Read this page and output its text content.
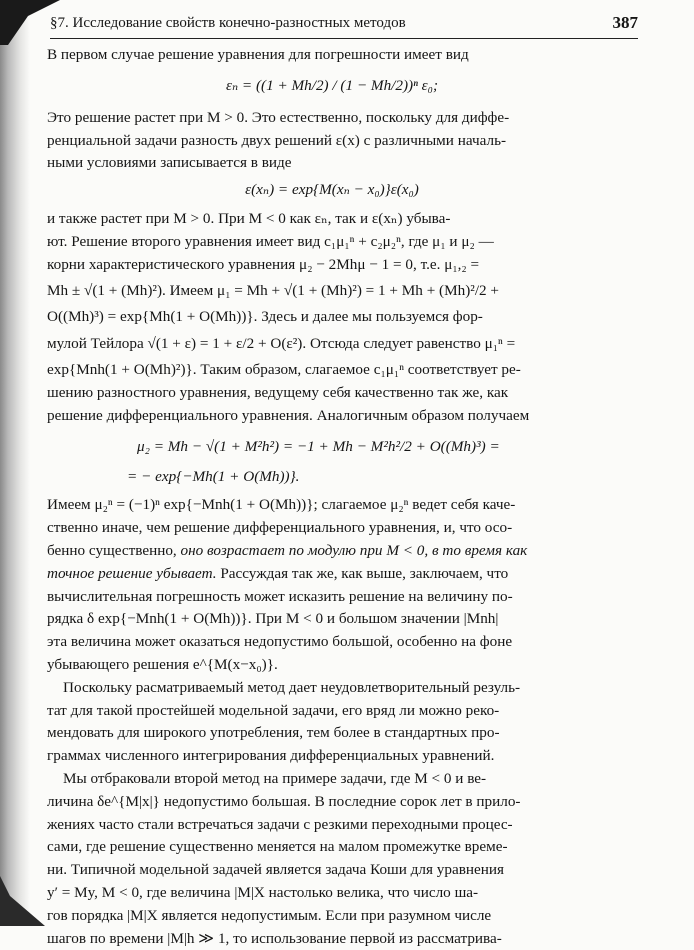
§7. Исследование свойств конечно-разностных методов	387

В первом случае решение уравнения для погрешности имеет вид

εₙ = ((1 + Mh/2) / (1 − Mh/2))ⁿ ε₀;

Это решение растет при M > 0. Это естественно, поскольку для диффе-

ренциальной задачи разность двух решений ε(x) с различными началь-

ными условиями записывается в виде

ε(xₙ) = exp{M(xₙ − x₀)}ε(x₀)

и также растет при M > 0. При M < 0 как εₙ, так и ε(xₙ) убыва-

ют. Решение второго уравнения имеет вид c₁μ₁ⁿ + c₂μ₂ⁿ, где μ₁ и μ₂ —

корни характеристического уравнения μ₂ − 2Mhμ − 1 = 0, т.е. μ₁,₂ =

Mh ± √(1 + (Mh)²). Имеем μ₁ = Mh + √(1 + (Mh)²) = 1 + Mh + (Mh)²/2 +

O((Mh)³) = exp{Mh(1 + O(Mh))}. Здесь и далее мы пользуемся фор-

мулой Тейлора √(1 + ε) = 1 + ε/2 + O(ε²). Отсюда следует равенство μ₁ⁿ =

exp{Mnh(1 + O(Mh)²)}. Таким образом, слагаемое c₁μ₁ⁿ соответствует ре-

шению разностного уравнения, ведущему себя качественно так же, как

решение дифференциального уравнения. Аналогичным образом получаем

μ₂ = Mh − √(1 + M²h²) = −1 + Mh − M²h²/2 + O((Mh)³) =

= − exp{−Mh(1 + O(Mh))}.

Имеем μ₂ⁿ = (−1)ⁿ exp{−Mnh(1 + O(Mh))}; слагаемое μ₂ⁿ ведет себя каче-

ственно иначе, чем решение дифференциального уравнения, и, что осо-

бенно существенно, оно возрастает по модулю при M < 0, в то время как

точное решение убывает. Рассуждая так же, как выше, заключаем, что

вычислительная погрешность может исказить решение на величину по-

рядка δ exp{−Mnh(1 + O(Mh))}. При M < 0 и большом значении |Mnh|

эта величина может оказаться недопустимо большой, особенно на фоне

убывающего решения e^{M(x−x₀)}.

Поскольку расматриваемый метод дает неудовлетворительный резуль-

тат для такой простейшей модельной задачи, его вряд ли можно реко-

мендовать для широкого употребления, тем более в стандартных про-

граммах численного интегрирования дифференциальных уравнений.

Мы отбраковали второй метод на примере задачи, где M < 0 и ве-

личина δe^{M|x|} недопустимо большая. В последние сорок лет в прило-

жениях часто стали встречаться задачи с резкими переходными процес-

сами, где решение существенно меняется на малом промежутке време-

ни. Типичной модельной задачей является задача Коши для уравнения

y′ = My, M < 0, где величина |M|X настолько велика, что число ша-

гов порядка |M|X является недопустимым. Если при разумном числе

шагов по времени |M|h ≫ 1, то использование первой из рассматрива-
